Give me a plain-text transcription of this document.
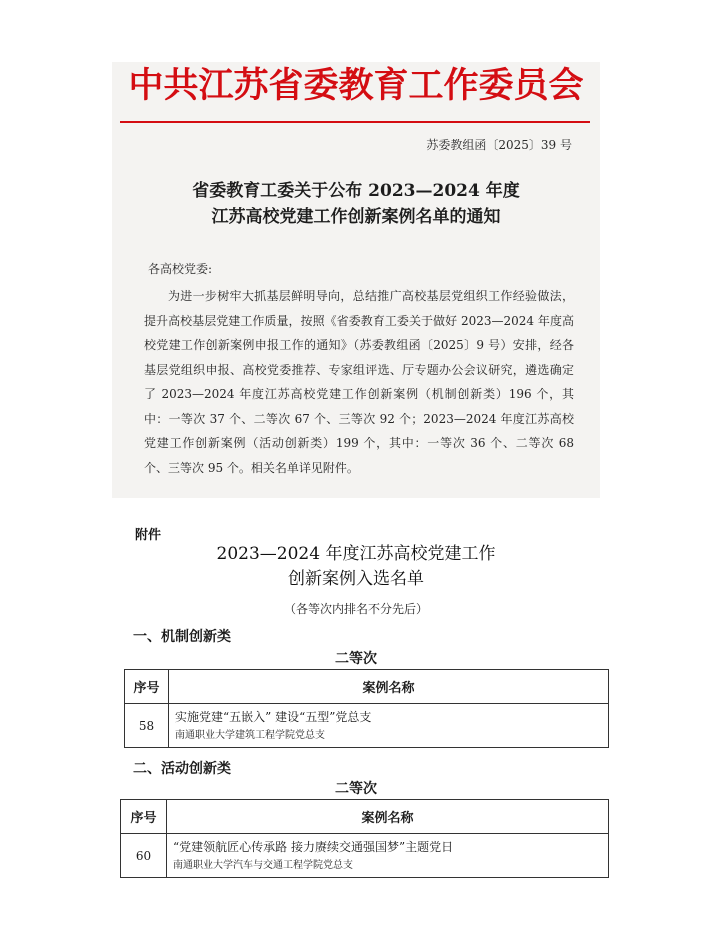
中共江苏省委教育工作委员会
苏委教组函〔2025〕39 号
省委教育工委关于公布 2023—2024 年度
江苏高校党建工作创新案例名单的通知
各高校党委:
为进一步树牢大抓基层鲜明导向，总结推广高校基层党组织工作经验做法，提升高校基层党建工作质量，按照《省委教育工委关于做好 2023—2024 年度高校党建工作创新案例申报工作的通知》（苏委教组函〔2025〕9 号）安排，经各基层党组织申报、高校党委推荐、专家组评选、厅专题办公会议研究，遴选确定了 2023—2024 年度江苏高校党建工作创新案例（机制创新类）196 个，其中：一等次 37 个、二等次 67 个、三等次 92 个；2023—2024 年度江苏高校党建工作创新案例（活动创新类）199 个，其中：一等次 36 个、二等次 68 个、三等次 95 个。相关名单详见附件。
附件
2023—2024 年度江苏高校党建工作
创新案例入选名单
（各等次内排名不分先后）
一、机制创新类
二等次
序号	案例名称
58	实施党建“五嵌入” 建设“五型”党总支
南通职业大学建筑工程学院党总支
二、活动创新类
二等次
序号	案例名称
60	“党建领航匠心传承路 接力赓续交通强国梦”主题党日
南通职业大学汽车与交通工程学院党总支
